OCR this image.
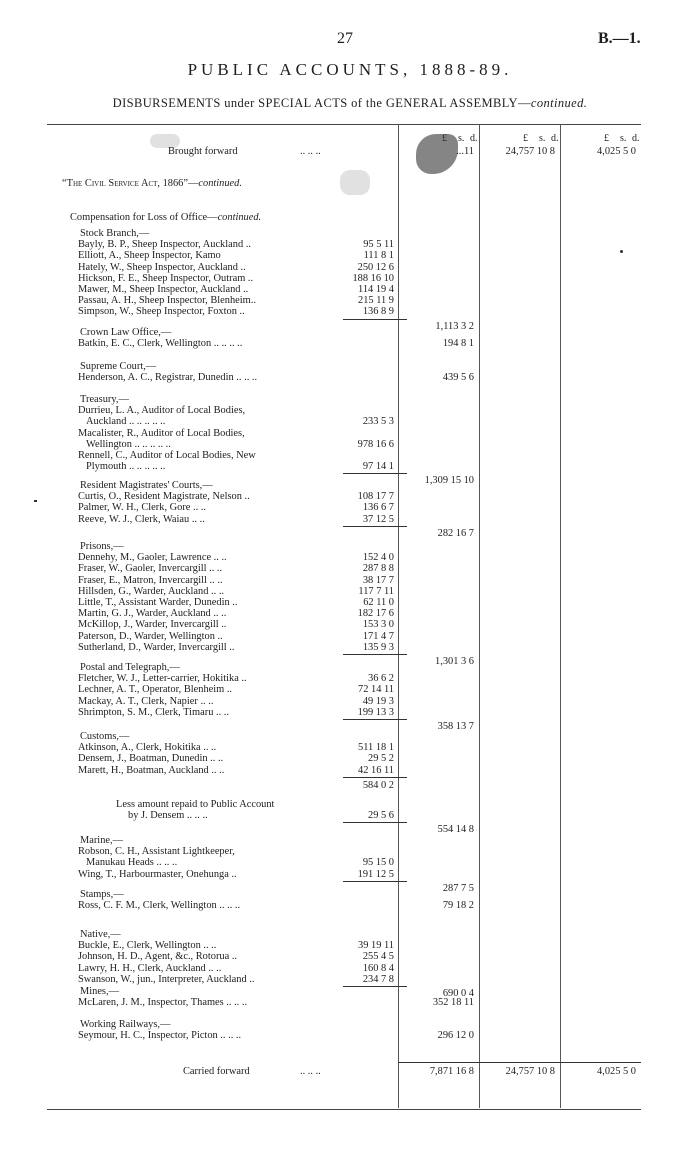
27	B.—1.
PUBLIC ACCOUNTS, 1888-89.
DISBURSEMENTS under SPECIAL ACTS of the GENERAL ASSEMBLY—continued.
s. d.	£ s. d.	£ s. d.
Brought forward	.. .. ..	...11	24,757 10 8	4,025 5 0
“The Civil Service Act, 1866”—continued.
Compensation for Loss of Office—continued.
Stock Branch,—
Bayly, B. P., Sheep Inspector, Auckland ..	95 5 11
Elliott, A., Sheep Inspector, Kamo	111 8 1
Hately, W., Sheep Inspector, Auckland ..	250 12 6
Hickson, F. E., Sheep Inspector, Outram ..	188 16 10
Mawer, M., Sheep Inspector, Auckland ..	114 19 4
Passau, A. H., Sheep Inspector, Blenheim..	215 11 9
Simpson, W., Sheep Inspector, Foxton ..	136 8 9
1,113 3 2
Crown Law Office,—
Batkin, E. C., Clerk, Wellington .. .. .. ..	194 8 1
Supreme Court,—
Henderson, A. C., Registrar, Dunedin .. .. ..	439 5 6
Treasury,—
Durrieu, L. A., Auditor of Local Bodies,
Auckland .. .. .. .. ..	233 5 3
Macalister, R., Auditor of Local Bodies,
Wellington .. .. .. .. ..	978 16 6
Rennell, C., Auditor of Local Bodies, New
Plymouth .. .. .. .. ..	97 14 1
1,309 15 10
Resident Magistrates' Courts,—
Curtis, O., Resident Magistrate, Nelson ..	108 17 7
Palmer, W. H., Clerk, Gore .. ..	136 6 7
Reeve, W. J., Clerk, Waiau .. ..	37 12 5
282 16 7
Prisons,—
Dennehy, M., Gaoler, Lawrence .. ..	152 4 0
Fraser, W., Gaoler, Invercargill .. ..	287 8 8
Fraser, E., Matron, Invercargill .. ..	38 17 7
Hillsden, G., Warder, Auckland .. ..	117 7 11
Little, T., Assistant Warder, Dunedin ..	62 11 0
Martin, G. J., Warder, Auckland .. ..	182 17 6
McKillop, J., Warder, Invercargill ..	153 3 0
Paterson, D., Warder, Wellington ..	171 4 7
Sutherland, D., Warder, Invercargill ..	135 9 3
1,301 3 6
Postal and Telegraph,—
Fletcher, W. J., Letter-carrier, Hokitika ..	36 6 2
Lechner, A. T., Operator, Blenheim ..	72 14 11
Mackay, A. T., Clerk, Napier .. ..	49 19 3
Shrimpton, S. M., Clerk, Timaru .. ..	199 13 3
358 13 7
Customs,—
Atkinson, A., Clerk, Hokitika .. ..	511 18 1
Densem, J., Boatman, Dunedin .. ..	29 5 2
Marett, H., Boatman, Auckland .. ..	42 16 11
584 0 2
Less amount repaid to Public Account
by J. Densem .. .. ..	29 5 6
554 14 8
Marine,—
Robson, C. H., Assistant Lightkeeper,
Manukau Heads .. .. ..	95 15 0
Wing, T., Harbourmaster, Onehunga ..	191 12 5
287 7 5
Stamps,—
Ross, C. F. M., Clerk, Wellington .. .. ..	79 18 2
Native,—
Buckle, E., Clerk, Wellington .. ..	39 19 11
Johnson, H. D., Agent, &c., Rotorua ..	255 4 5
Lawry, H. H., Clerk, Auckland .. ..	160 8 4
Swanson, W., jun., Interpreter, Auckland ..	234 7 8
690 0 4
Mines,—
McLaren, J. M., Inspector, Thames .. .. ..	352 18 11
Working Railways,—
Seymour, H. C., Inspector, Picton .. .. ..	296 12 0
Carried forward	.. .. ..	7,871 16 8	24,757 10 8	4,025 5 0
